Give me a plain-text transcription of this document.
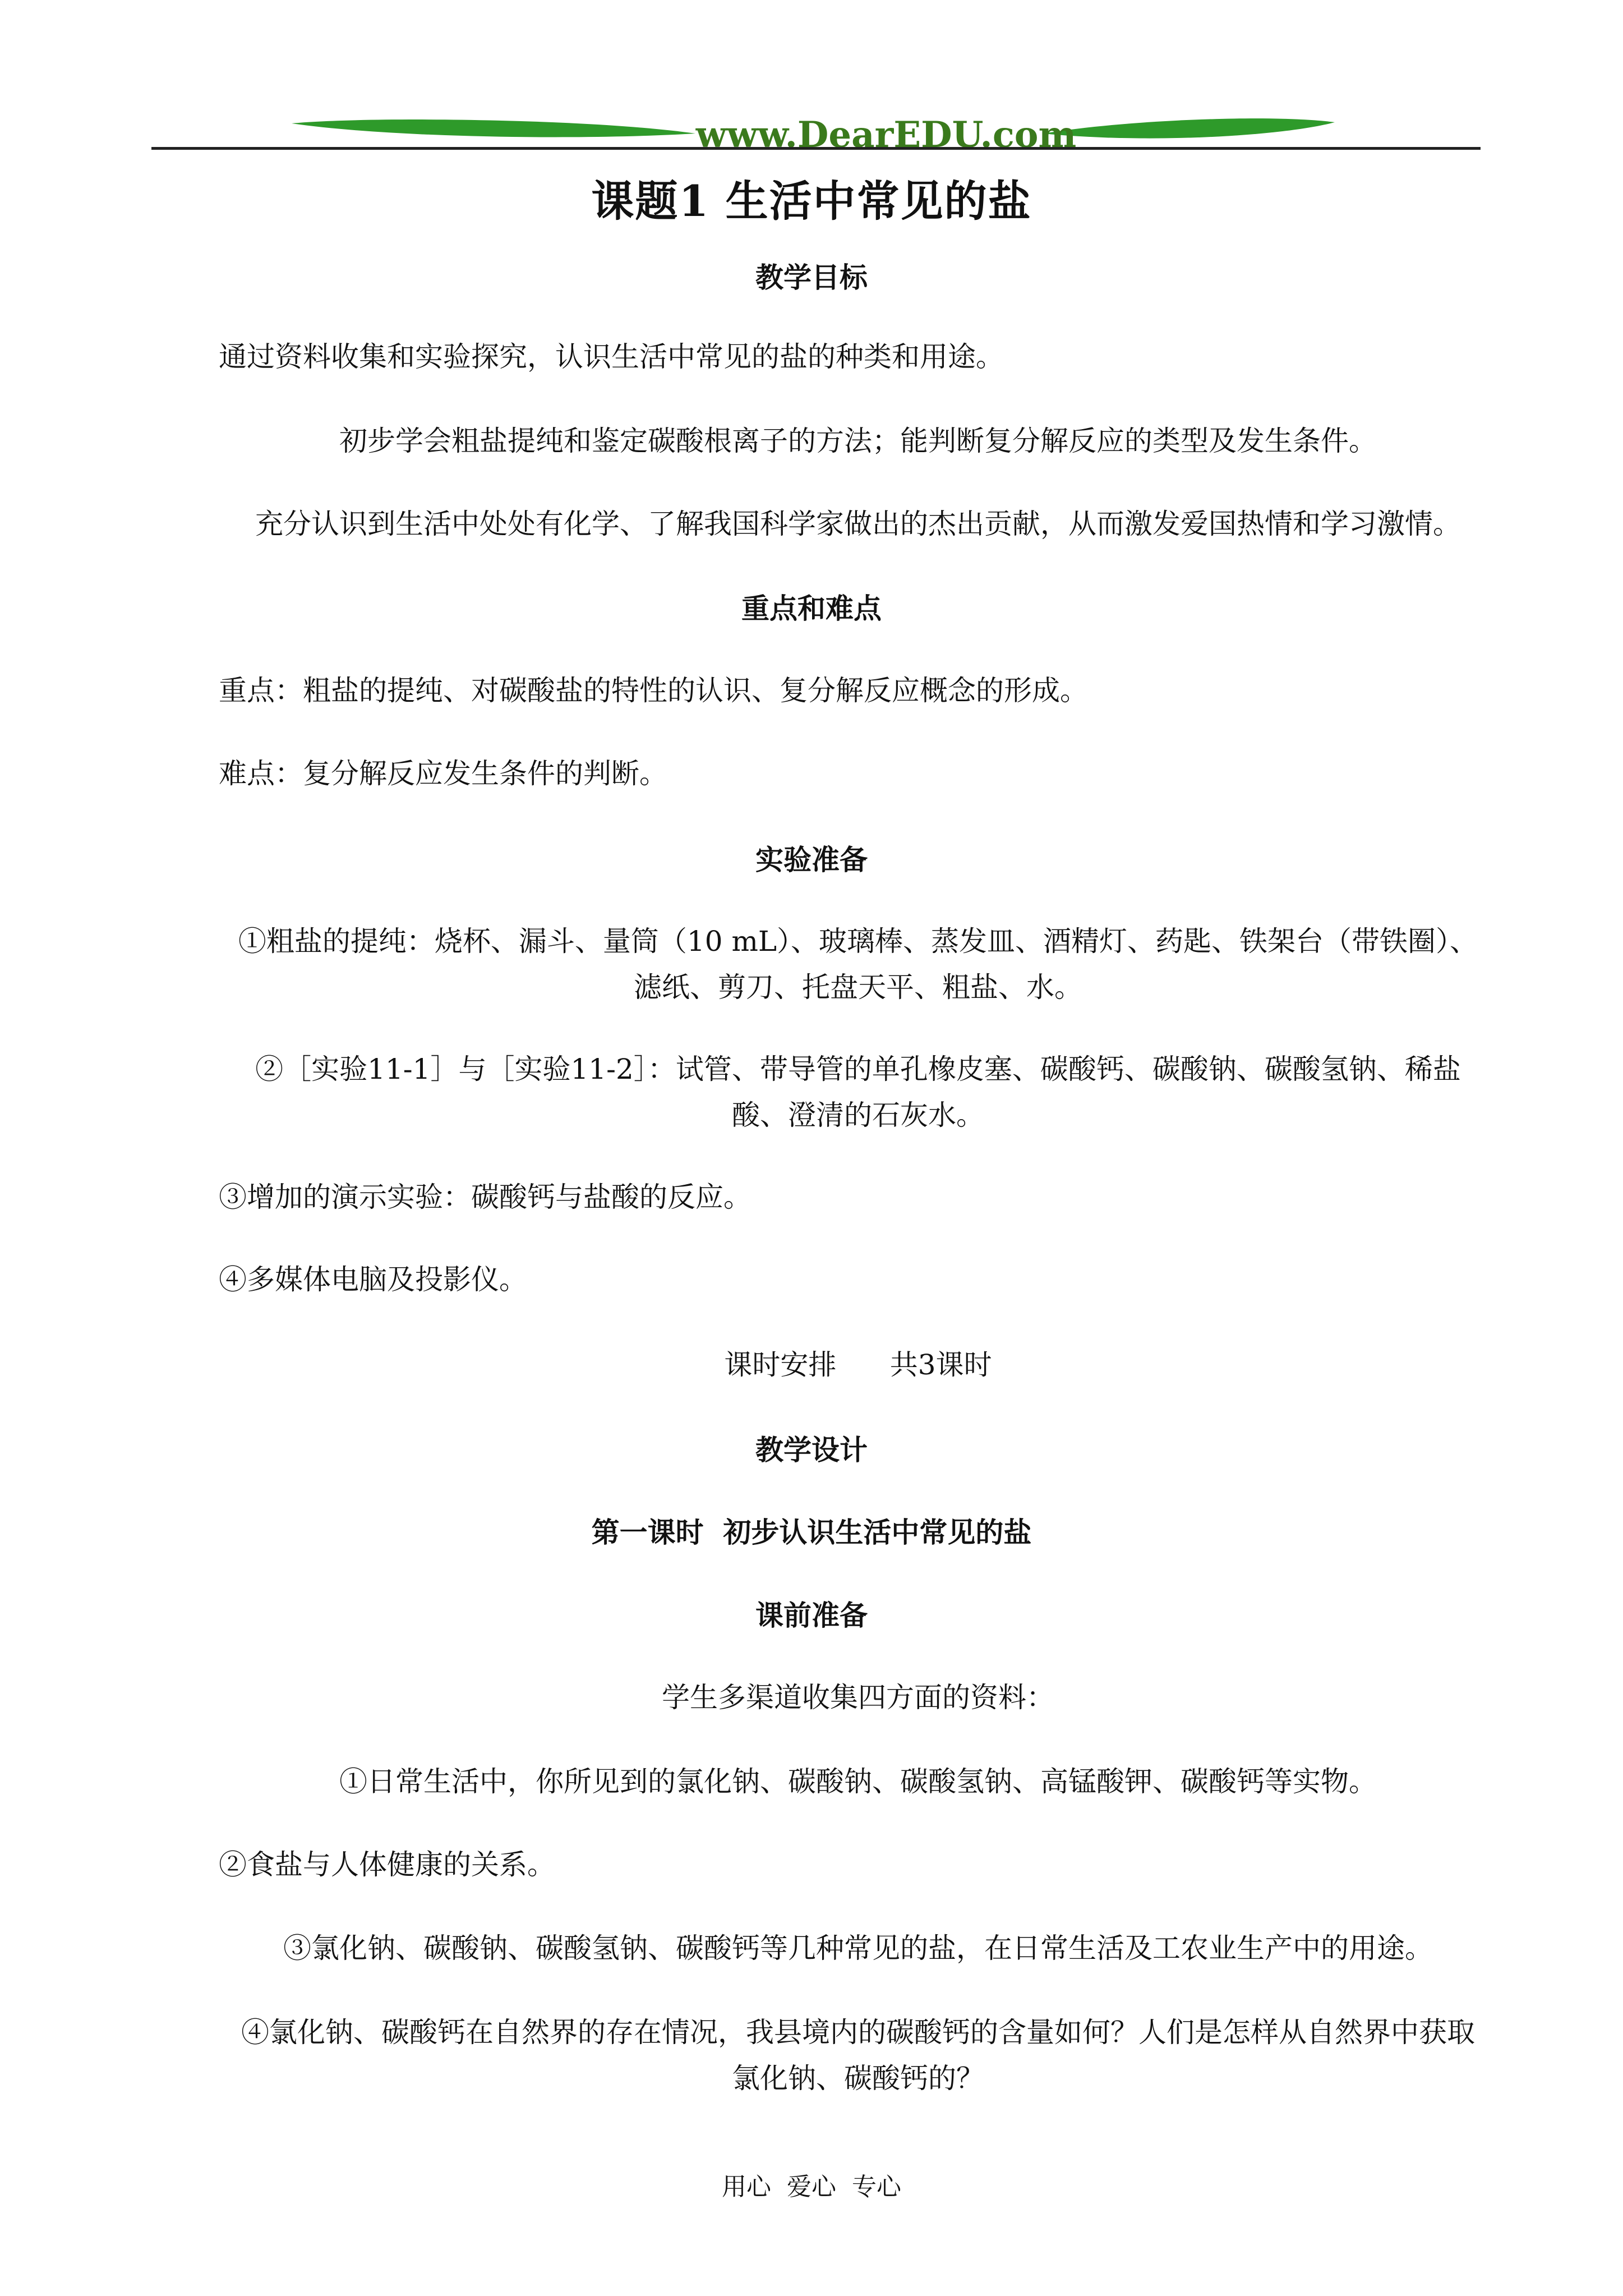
www.DearEDU.com
课题1 生活中常见的盐
教学目标
通过资料收集和实验探究，认识生活中常见的盐的种类和用途。
初步学会粗盐提纯和鉴定碳酸根离子的方法；能判断复分解反应的类型及发生条件。
充分认识到生活中处处有化学、了解我国科学家做出的杰出贡献，从而激发爱国热情和学习激情。
重点和难点
重点：粗盐的提纯、对碳酸盐的特性的认识、复分解反应概念的形成。
难点：复分解反应发生条件的判断。
实验准备
①粗盐的提纯：烧杯、漏斗、量筒（10 mL）、玻璃棒、蒸发皿、酒精灯、药匙、铁架台（带铁圈）、
滤纸、剪刀、托盘天平、粗盐、水。
②［实验11-1］与［实验11-2］：试管、带导管的单孔橡皮塞、碳酸钙、碳酸钠、碳酸氢钠、稀盐
酸、澄清的石灰水。
③增加的演示实验：碳酸钙与盐酸的反应。
④多媒体电脑及投影仪。
课时安排      共3课时
教学设计
第一课时  初步认识生活中常见的盐
课前准备
学生多渠道收集四方面的资料：
①日常生活中，你所见到的氯化钠、碳酸钠、碳酸氢钠、高锰酸钾、碳酸钙等实物。
②食盐与人体健康的关系。
③氯化钠、碳酸钠、碳酸氢钠、碳酸钙等几种常见的盐，在日常生活及工农业生产中的用途。
④氯化钠、碳酸钙在自然界的存在情况，我县境内的碳酸钙的含量如何？人们是怎样从自然界中获取
氯化钠、碳酸钙的？
用心  爱心  专心
